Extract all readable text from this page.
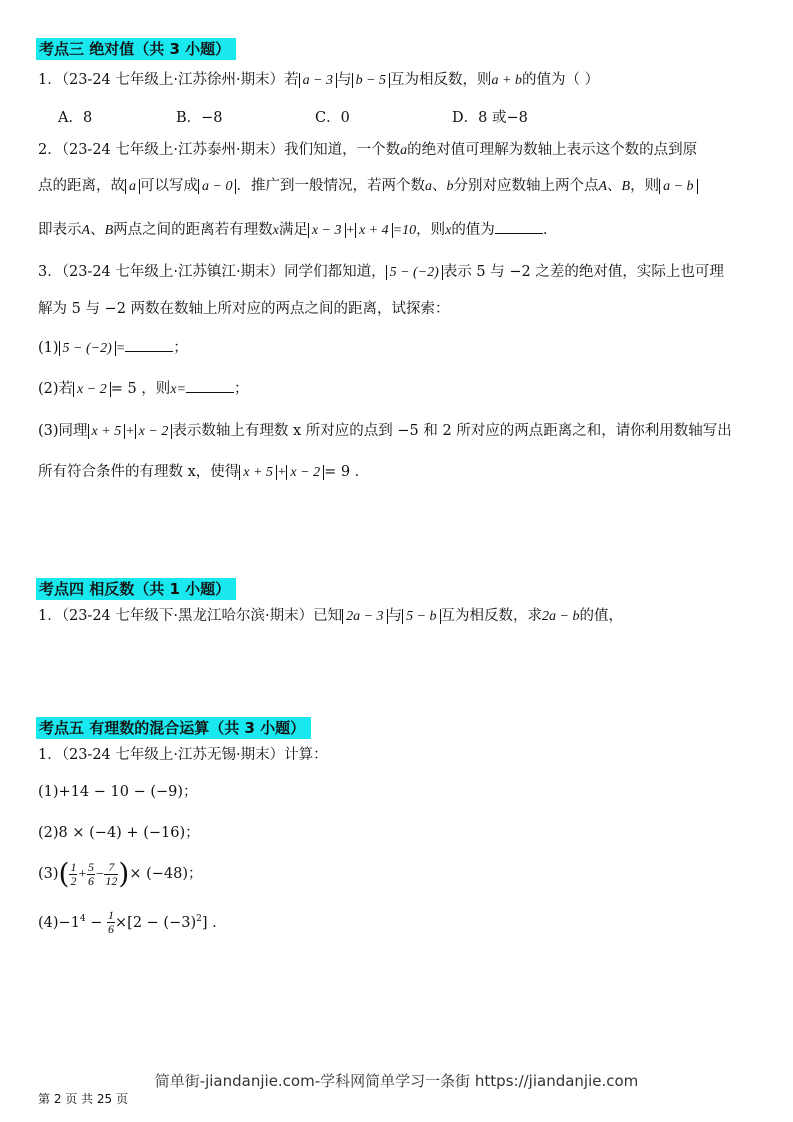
考点三 绝对值（共 3 小题）
1．（23-24 七年级上·江苏徐州·期末）若 a − 3 与 b − 5 互为相反数，则a + b的值为（ ）
A．8	B．−8	C．0	D．8 或−8
2．（23-24 七年级上·江苏泰州·期末）我们知道，一个数a的绝对值可理解为数轴上表示这个数的点到原
点的距离，故 a 可以写成 a − 0 ．推广到一般情况，若两个数a、b分别对应数轴上两个点A、B，则 a − b
即表示A、B两点之间的距离若有理数x满足 x − 3 + x + 4 =10，则x的值为	．
3．（23-24 七年级上·江苏镇江·期末）同学们都知道， 5 − (−2) 表示 5 与 −2 之差的绝对值，实际上也可理
解为 5 与 −2 两数在数轴上所对应的两点之间的距离，试探索：
(1) 5 − (−2) =	；
(2)若 x − 2 = 5 ，则x=	；
(3)同理 x + 5 + x − 2 表示数轴上有理数 x 所对应的点到 −5 和 2 所对应的两点距离之和，请你利用数轴写出
所有符合条件的有理数 x，使得 x + 5 + x − 2 = 9 ．
考点四 相反数（共 1 小题）
1．（23-24 七年级下·黑龙江哈尔滨·期末）已知 2a − 3 与 5 − b 互为相反数，求2a − b的值，
考点五 有理数的混合运算（共 3 小题）
1．（23-24 七年级上·江苏无锡·期末）计算：
(1)+14 − 10 − (−9)；
(2)8 × (−4) + (−16)；
$(3)( \frac{1}{2} + \frac{5}{6} - \frac{7}{12}$ )× (−48)；
$(4)-1^4 - \frac{1}{6} \times[2 - (-3)^2]$ .
简单街-jiandanjie.com-学科网简单学习一条街 https://jiandanjie.com
第 2 页 共 25 页
